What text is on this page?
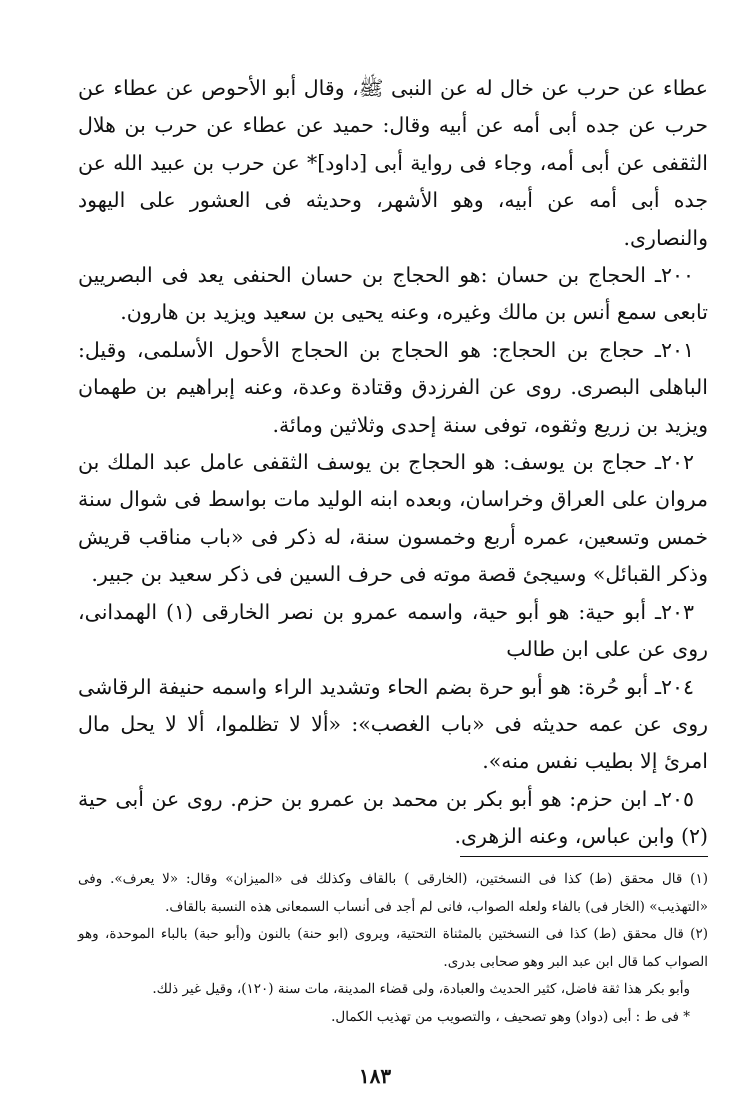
عطاء عن حرب عن خال له عن النبى ﷺ، وقال أبو الأحوص عن عطاء عن حرب عن جده أبى أمه عن أبيه وقال: حميد عن عطاء عن حرب بن هلال الثقفى عن أبى أمه، وجاء فى رواية أبى [داود]* عن حرب بن عبيد الله عن جده أبى أمه عن أبيه، وهو الأشهر، وحديثه فى العشور على اليهود والنصارى.

٢٠٠ـ الحجاج بن حسان :هو الحجاج بن حسان الحنفى يعد فى البصريين تابعى سمع أنس بن مالك وغيره، وعنه يحيى بن سعيد ويزيد بن هارون.

٢٠١ـ حجاج بن الحجاج: هو الحجاج بن الحجاج الأحول الأسلمى، وقيل: الباهلى البصرى. روى عن الفرزدق وقتادة وعدة، وعنه إبراهيم بن طهمان ويزيد بن زريع وثقوه، توفى سنة إحدى وثلاثين ومائة.

٢٠٢ـ حجاج بن يوسف: هو الحجاج بن يوسف الثقفى عامل عبد الملك بن مروان على العراق وخراسان، وبعده ابنه الوليد مات بواسط فى شوال سنة خمس وتسعين، عمره أربع وخمسون سنة، له ذكر فى «باب مناقب قريش وذكر القبائل» وسيجئ قصة موته فى حرف السين فى ذكر سعيد بن جبير.

٢٠٣ـ أبو حية: هو أبو حية، واسمه عمرو بن نصر الخارقى (١) الهمدانى، روى عن على ابن طالب

٢٠٤ـ أبو حُرة: هو أبو حرة بضم الحاء وتشديد الراء واسمه حنيفة الرقاشى روى عن عمه حديثه فى «باب الغصب»: «ألا لا تظلموا، ألا لا يحل مال امرئ إلا بطيب نفس منه».

٢٠٥ـ ابن حزم: هو أبو بكر بن محمد بن عمرو بن حزم. روى عن أبى حية (٢) وابن عباس، وعنه الزهرى.

(١) قال محقق (ط) كذا فى النسختين، (الخارقى ) بالقاف وكذلك فى «الميزان» وقال: «لا يعرف». وفى «التهذيب» (الخار فى) بالفاء ولعله الصواب، فانى لم أجد فى أنساب السمعانى هذه النسبة بالقاف.

(٢) قال محقق (ط) كذا فى النسختين بالمثناة التحتية، ويروى (ابو حنة) بالنون و(أبو حبة) بالباء الموحدة، وهو الصواب كما قال ابن عبد البر وهو صحابى بدرى.

وأبو بكر هذا ثقة فاضل، كثير الحديث والعبادة، ولى قضاء المدينة، مات سنة (١٢٠)، وقيل غير ذلك.

* فى ط : أبى (دواد) وهو تصحيف ، والتصويب من تهذيب الكمال.

١٨٣
